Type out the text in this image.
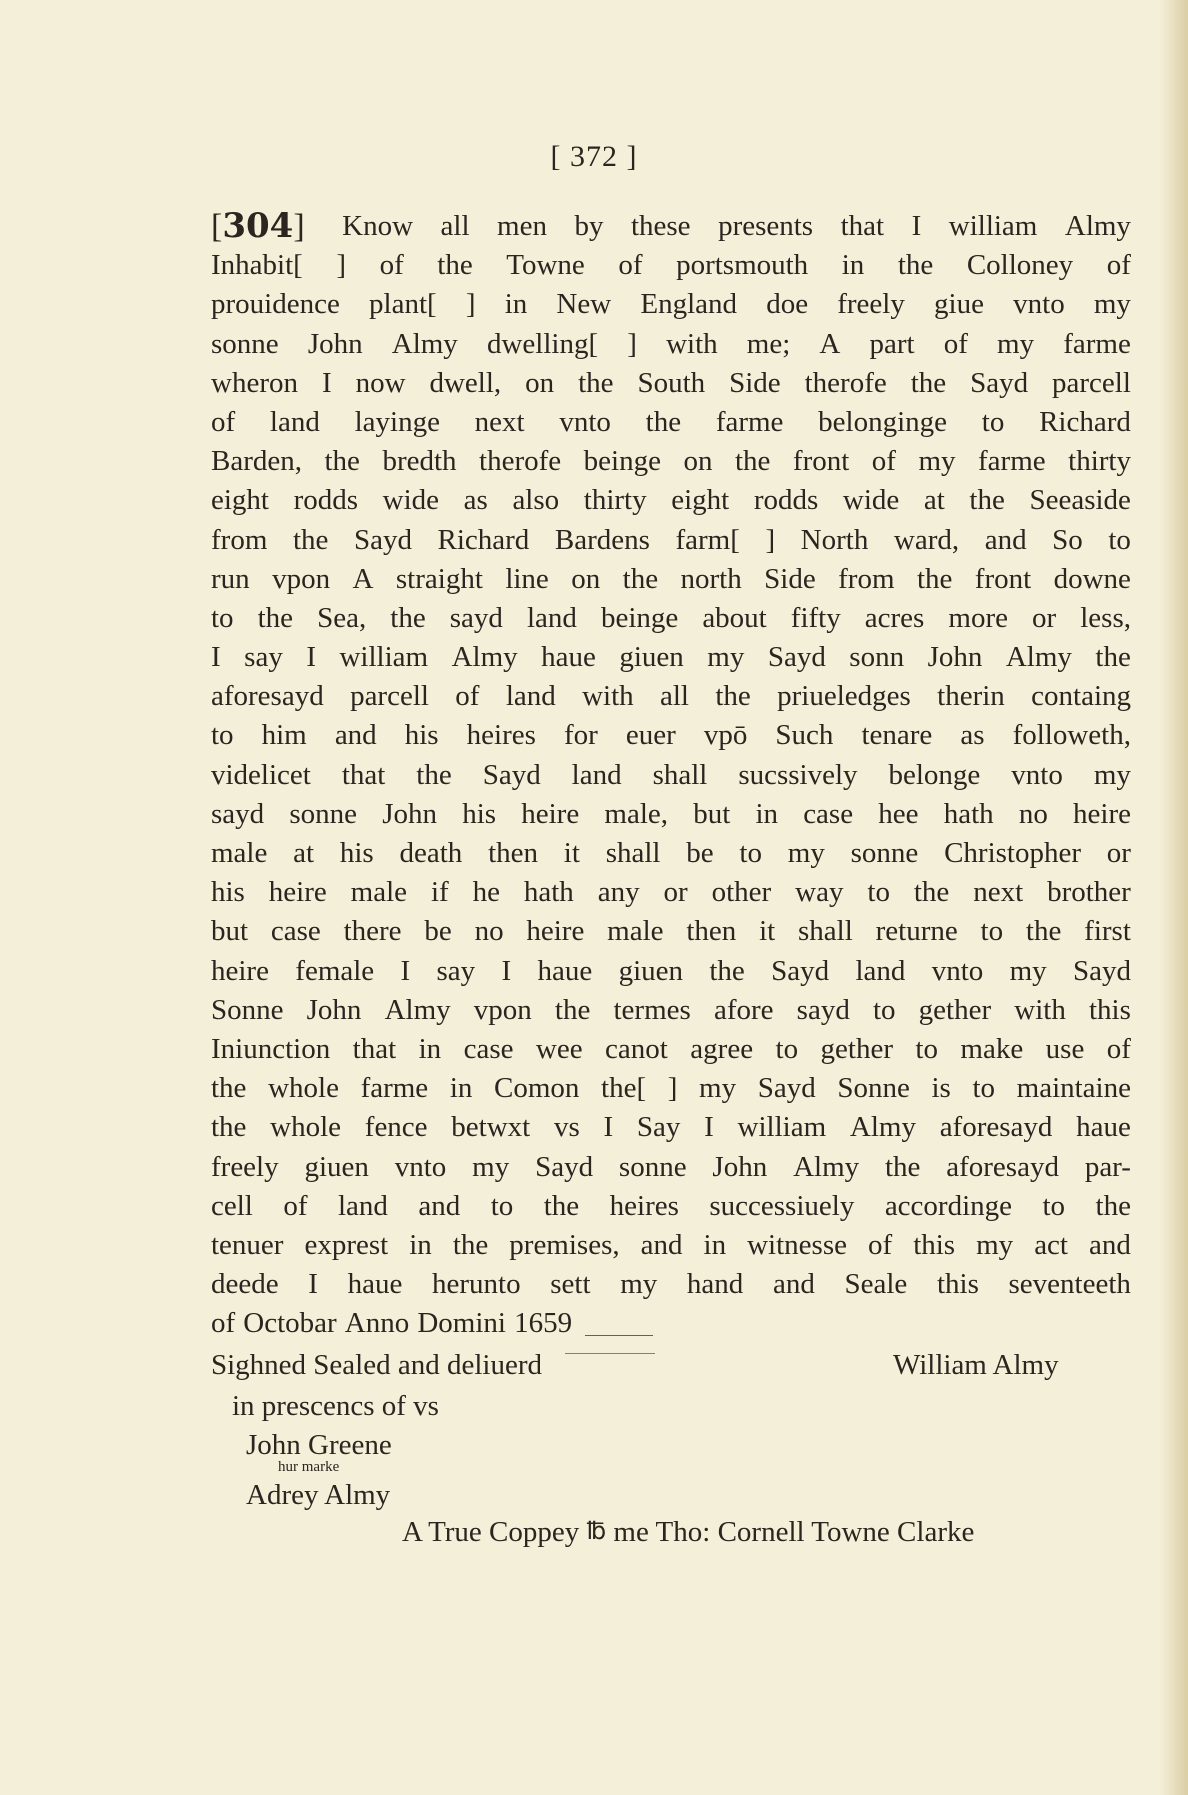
[ 372 ]
[304] Know all men by these presents that I william Almy
Inhabit[ ] of the Towne of portsmouth in the Colloney of
prouidence plant[ ] in New England doe freely giue vnto my
sonne John Almy dwelling[ ] with me; A part of my farme
wheron I now dwell, on the South Side therofe the Sayd parcell
of land layinge next vnto the farme belonginge to Richard
Barden, the bredth therofe beinge on the front of my farme thirty
eight rodds wide as also thirty eight rodds wide at the Seeaside
from the Sayd Richard Bardens farm[ ] North ward, and So to
run vpon A straight line on the north Side from the front downe
to the Sea, the sayd land beinge about fifty acres more or less,
I say I william Almy haue giuen my Sayd sonn John Almy the
aforesayd parcell of land with all the priueledges therin containg
to him and his heires for euer vpō Such tenare as followeth,
videlicet that the Sayd land shall sucssively belonge vnto my
sayd sonne John his heire male, but in case hee hath no heire
male at his death then it shall be to my sonne Christopher or
his heire male if he hath any or other way to the next brother
but case there be no heire male then it shall returne to the first
heire female I say I haue giuen the Sayd land vnto my Sayd
Sonne John Almy vpon the termes afore sayd to gether with this
Iniunction that in case wee canot agree to gether to make use of
the whole farme in Comon the[ ] my Sayd Sonne is to maintaine
the whole fence betwxt vs I Say I william Almy aforesayd haue
freely giuen vnto my Sayd sonne John Almy the aforesayd par-
cell of land and to the heires successiuely accordinge to the
tenuer exprest in the premises, and in witnesse of this my act and
deede I haue herunto sett my hand and Seale this seventeeth
of Octobar Anno Domini 1659
Sighned Sealed and deliuerd	William Almy
in prescencs of vs
John Greene
hur marke
Adrey Almy
A True Coppey ℔ me Tho: Cornell Towne Clarke
